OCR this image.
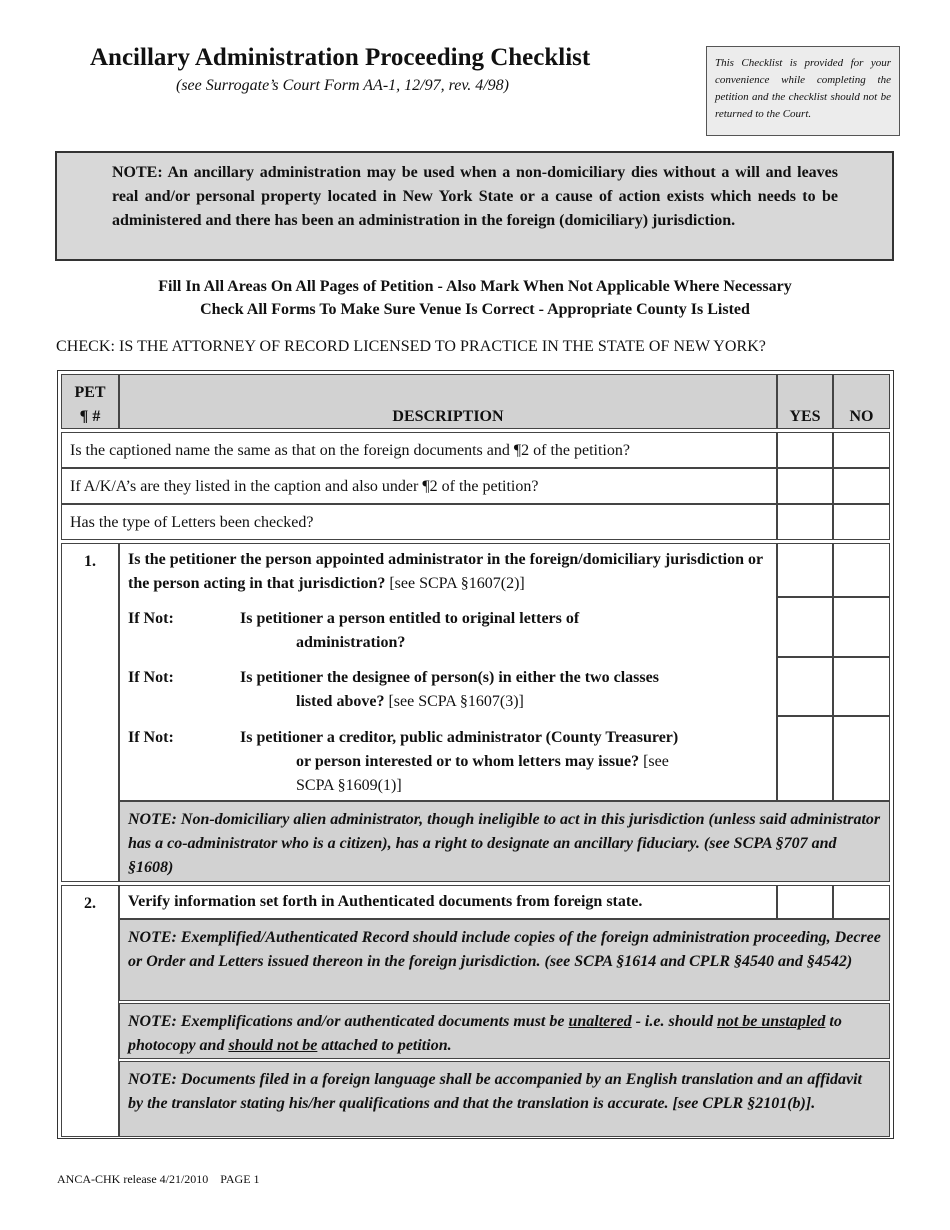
Ancillary Administration Proceeding Checklist
(see Surrogate’s Court Form AA-1, 12/97, rev. 4/98)
This Checklist is provided for your convenience while completing the petition and the checklist should not be returned to the Court.

NOTE: An ancillary administration may be used when a non-domiciliary dies without a will and leaves real and/or personal property located in New York State or a cause of action exists which needs to be administered and there has been an administration in the foreign (domiciliary) jurisdiction.

Fill In All Areas On All Pages of Petition - Also Mark When Not Applicable Where Necessary
Check All Forms To Make Sure Venue Is Correct - Appropriate County Is Listed
CHECK: IS THE ATTORNEY OF RECORD LICENSED TO PRACTICE IN THE STATE OF NEW YORK?
PET
¶ #	DESCRIPTION	YES	NO
Is the captioned name the same as that on the foreign documents and ¶2 of the petition?
If A/K/A’s are they listed in the caption and also under ¶2 of the petition?
Has the type of Letters been checked?
1.	Is the petitioner the person appointed administrator in the foreign/domiciliary jurisdiction or the person acting in that jurisdiction? [see SCPA §1607(2)]
If Not:	Is petitioner a person entitled to original letters of
administration?
If Not:	Is petitioner the designee of person(s) in either the two classes
listed above? [see SCPA §1607(3)]
If Not:	Is petitioner a creditor, public administrator (County Treasurer)
or person interested or to whom letters may issue? [see
SCPA §1609(1)]
NOTE: Non-domiciliary alien administrator, though ineligible to act in this jurisdiction (unless said administrator has a co-administrator who is a citizen), has a right to designate an ancillary fiduciary. (see SCPA §707 and §1608)
2.	Verify information set forth in Authenticated documents from foreign state.
NOTE: Exemplified/Authenticated Record should include copies of the foreign administration proceeding, Decree or Order and Letters issued thereon in the foreign jurisdiction. (see SCPA §1614 and CPLR §4540 and §4542)
NOTE: Exemplifications and/or authenticated documents must be unaltered - i.e. should not be unstapled to photocopy and should not be attached to petition.
NOTE: Documents filed in a foreign language shall be accompanied by an English translation and an affidavit by the translator stating his/her qualifications and that the translation is accurate. [see CPLR §2101(b)].
ANCA-CHK release 4/21/2010    PAGE 1
